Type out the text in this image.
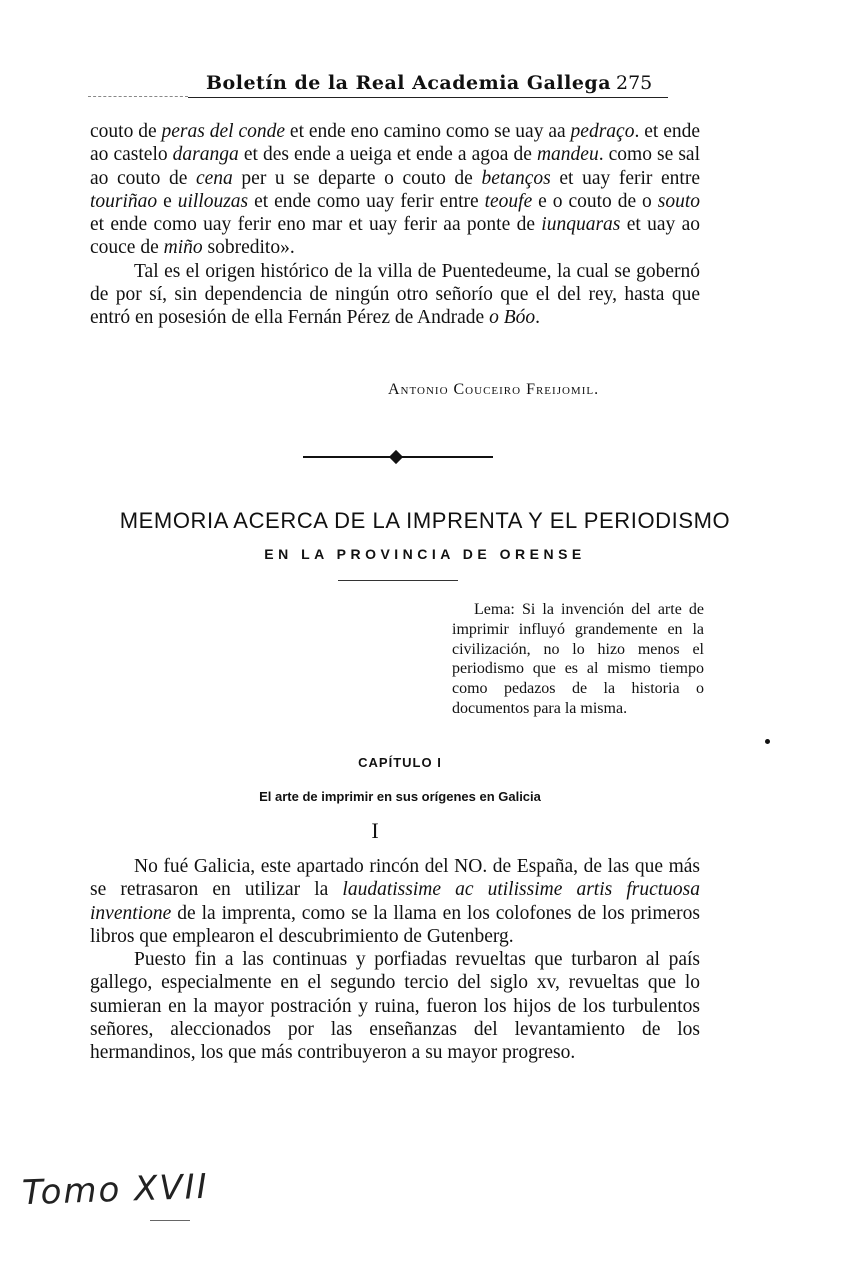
Boletín de la Real Academia Gallega 275

couto de peras del conde et ende eno camino como se uay aa pedraço. et ende ao castelo daranga et des ende a ueiga et ende a agoa de mandeu. como se sal ao couto de cena per u se departe o couto de betanços et uay ferir entre touriñao e uillouzas et ende como uay ferir entre teoufe e o couto de o souto et ende como uay ferir eno mar et uay ferir aa ponte de iunquaras et uay ao couce de miño sobredito».

Tal es el origen histórico de la villa de Puentedeume, la cual se gobernó de por sí, sin dependencia de ningún otro señorío que el del rey, hasta que entró en posesión de ella Fernán Pérez de Andrade o Bóo.

Antonio Couceiro Freijomil.
MEMORIA ACERCA DE LA IMPRENTA Y EL PERIODISMO
EN LA PROVINCIA DE ORENSE

Lema: Si la invención del arte de imprimir influyó grandemente en la civilización, no lo hizo menos el periodismo que es al mismo tiempo como pedazos de la historia o documentos para la misma.

CAPÍTULO I
El arte de imprimir en sus orígenes en Galicia
I

No fué Galicia, este apartado rincón del NO. de España, de las que más se retrasaron en utilizar la laudatissime ac utilissime artis fructuosa inventione de la imprenta, como se la llama en los colofones de los primeros libros que emplearon el descubrimiento de Gutenberg.

Puesto fin a las continuas y porfiadas revueltas que turbaron al país gallego, especialmente en el segundo tercio del siglo xv, revueltas que lo sumieran en la mayor postración y ruina, fueron los hijos de los turbulentos señores, aleccionados por las enseñanzas del levantamiento de los hermandinos, los que más contribuyeron a su mayor progreso.

Tomo XVII
